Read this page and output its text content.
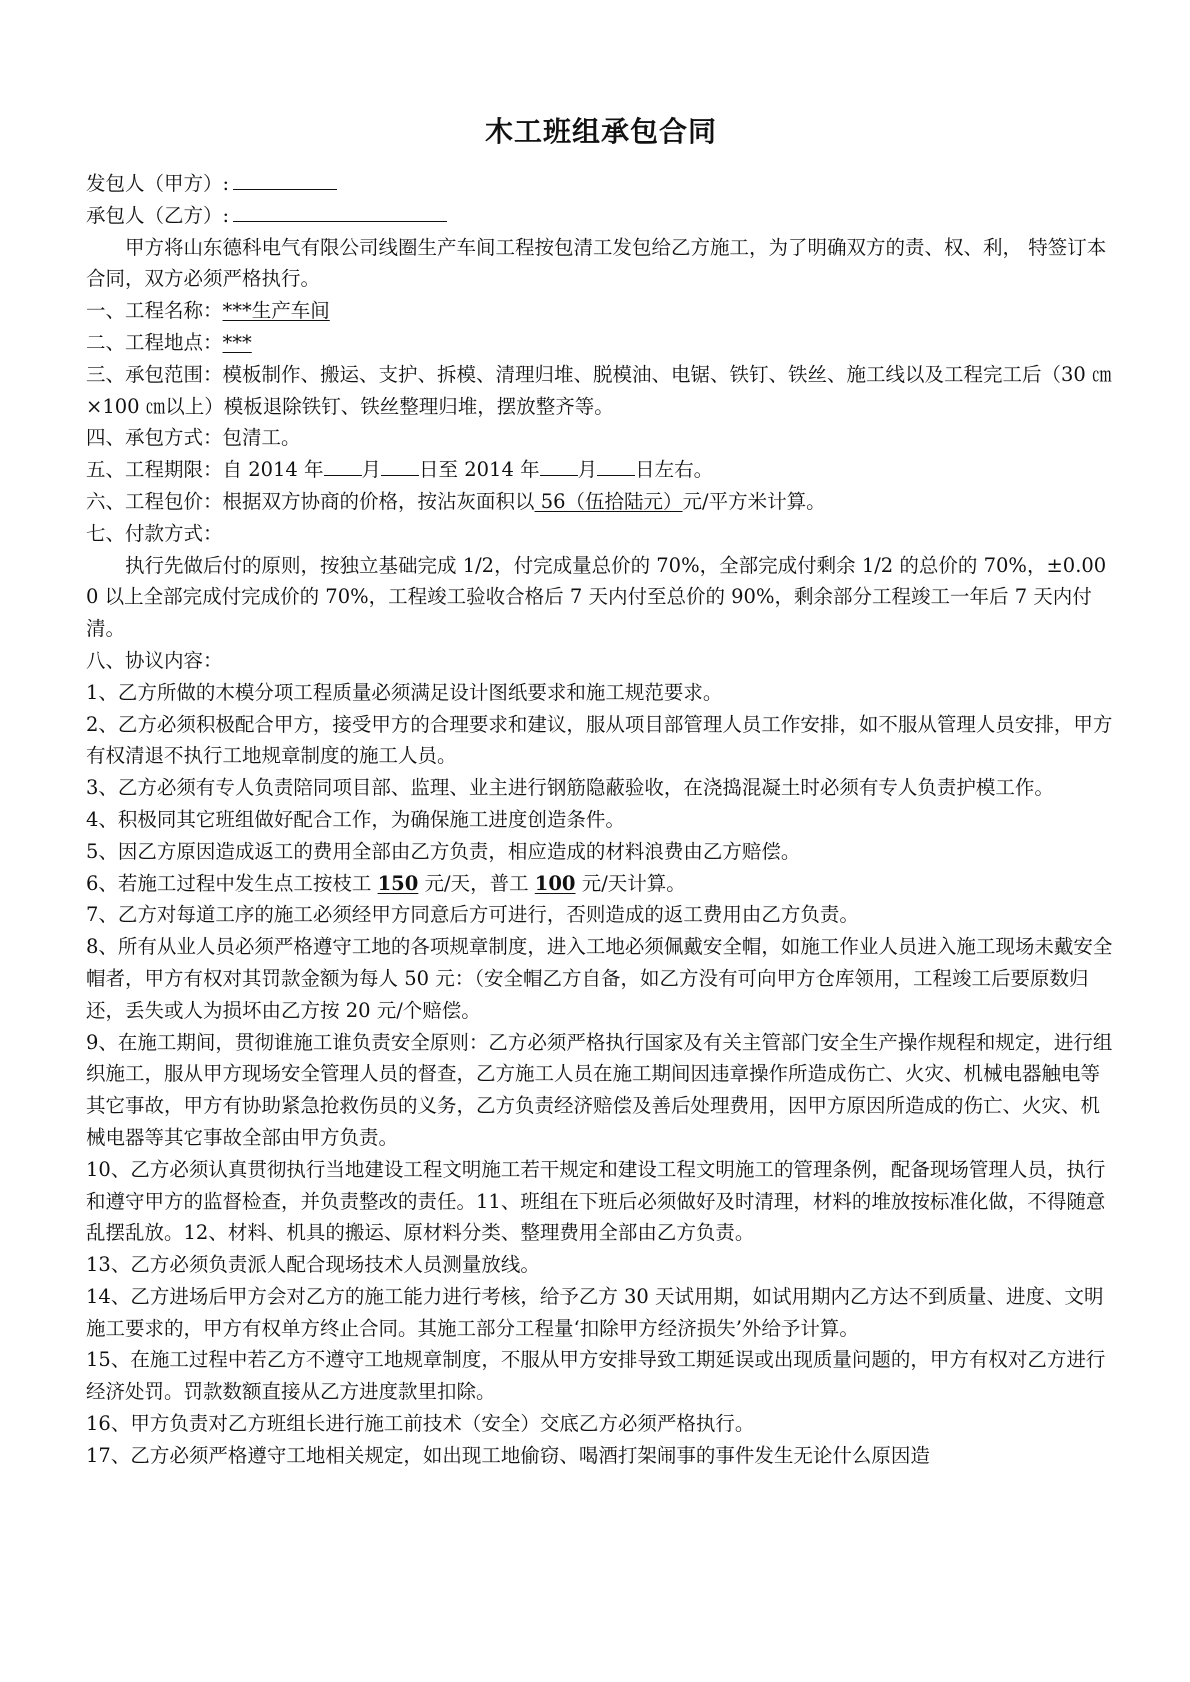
木工班组承包合同
发包人（甲方）:
承包人（乙方）:
甲方将山东德科电气有限公司线圈生产车间工程按包清工发包给乙方施工，为了明确双方的责、权、利， 特签订本合同，双方必须严格执行。
一、工程名称：***生产车间
二、工程地点：***
三、承包范围：模板制作、搬运、支护、拆模、清理归堆、脱模油、电锯、铁钉、铁丝、施工线以及工程完工后（30 ㎝×100 ㎝以上）模板退除铁钉、铁丝整理归堆，摆放整齐等。
四、承包方式：包清工。
五、工程期限：自 2014 年 月 日至 2014 年 月 日左右。
六、工程包价：根据双方协商的价格，按沾灰面积以 56（伍拾陆元）元/平方米计算。
七、付款方式：
执行先做后付的原则，按独立基础完成 1/2，付完成量总价的 70%，全部完成付剩余 1/2 的总价的 70%，±0.000 以上全部完成付完成价的 70%，工程竣工验收合格后 7 天内付至总价的 90%，剩余部分工程竣工一年后 7 天内付清。
八、协议内容：
1、乙方所做的木模分项工程质量必须满足设计图纸要求和施工规范要求。
2、乙方必须积极配合甲方，接受甲方的合理要求和建议，服从项目部管理人员工作安排，如不服从管理人员安排，甲方有权清退不执行工地规章制度的施工人员。
3、乙方必须有专人负责陪同项目部、监理、业主进行钢筋隐蔽验收，在浇捣混凝土时必须有专人负责护模工作。
4、积极同其它班组做好配合工作，为确保施工进度创造条件。
5、因乙方原因造成返工的费用全部由乙方负责，相应造成的材料浪费由乙方赔偿。
6、若施工过程中发生点工按枝工 150 元/天，普工 100 元/天计算。
7、乙方对每道工序的施工必须经甲方同意后方可进行，否则造成的返工费用由乙方负责。
8、所有从业人员必须严格遵守工地的各项规章制度，进入工地必须佩戴安全帽，如施工作业人员进入施工现场未戴安全帽者，甲方有权对其罚款金额为每人 50 元：（安全帽乙方自备，如乙方没有可向甲方仓库领用，工程竣工后要原数归还，丢失或人为损坏由乙方按 20 元/个赔偿。
9、在施工期间，贯彻谁施工谁负责安全原则：乙方必须严格执行国家及有关主管部门安全生产操作规程和规定，进行组织施工，服从甲方现场安全管理人员的督查，乙方施工人员在施工期间因违章操作所造成伤亡、火灾、机械电器触电等其它事故，甲方有协助紧急抢救伤员的义务，乙方负责经济赔偿及善后处理费用，因甲方原因所造成的伤亡、火灾、机械电器等其它事故全部由甲方负责。
10、乙方必须认真贯彻执行当地建设工程文明施工若干规定和建设工程文明施工的管理条例，配备现场管理人员，执行和遵守甲方的监督检查，并负责整改的责任。11、班组在下班后必须做好及时清理，材料的堆放按标准化做，不得随意乱摆乱放。12、材料、机具的搬运、原材料分类、整理费用全部由乙方负责。
13、乙方必须负责派人配合现场技术人员测量放线。
14、乙方进场后甲方会对乙方的施工能力进行考核，给予乙方 30 天试用期，如试用期内乙方达不到质量、进度、文明施工要求的，甲方有权单方终止合同。其施工部分工程量‘扣除甲方经济损失’外给予计算。
15、在施工过程中若乙方不遵守工地规章制度，不服从甲方安排导致工期延误或出现质量问题的，甲方有权对乙方进行经济处罚。罚款数额直接从乙方进度款里扣除。
16、甲方负责对乙方班组长进行施工前技术（安全）交底乙方必须严格执行。
17、乙方必须严格遵守工地相关规定，如出现工地偷窃、喝酒打架闹事的事件发生无论什么原因造
